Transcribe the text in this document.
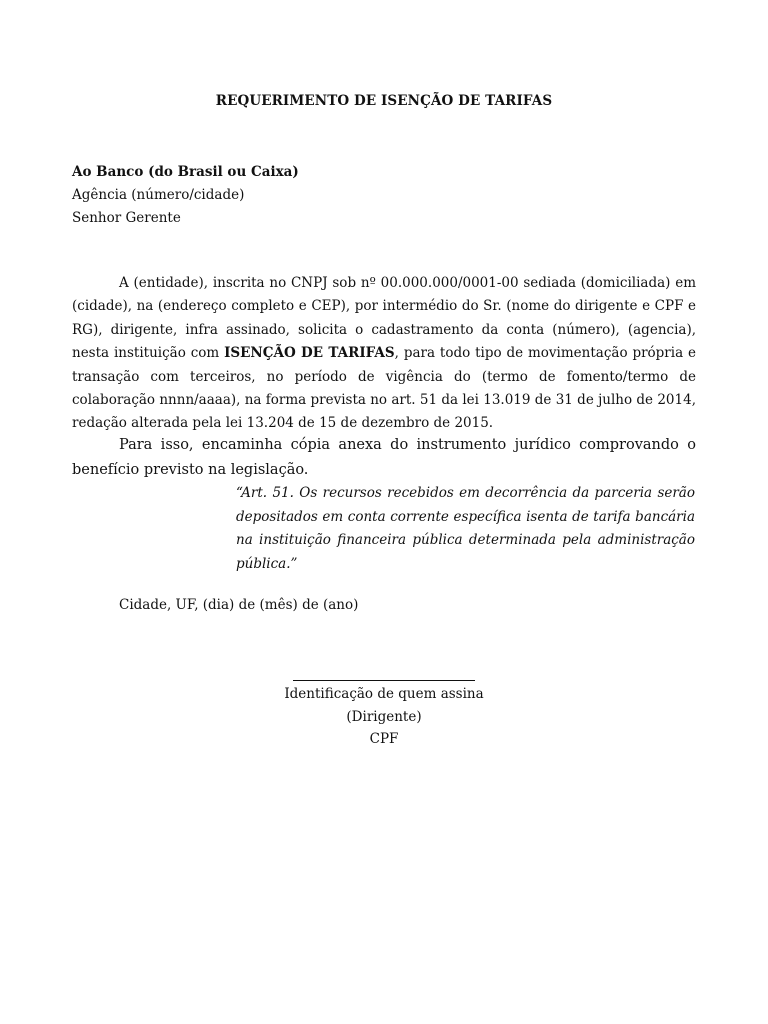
REQUERIMENTO DE ISENÇÃO DE TARIFAS
Ao Banco (do Brasil ou Caixa)
Agência (número/cidade)
Senhor Gerente

A (entidade), inscrita no CNPJ sob nº 00.000.000/0001-00 sediada (domiciliada) em (cidade), na (endereço completo e CEP), por intermédio do Sr. (nome do dirigente e CPF e RG), dirigente, infra assinado, solicita o cadastramento da conta (número), (agencia), nesta instituição com ISENÇÃO DE TARIFAS, para todo tipo de movimentação própria e transação com terceiros, no período de vigência do (termo de fomento/termo de colaboração nnnn/aaaa), na forma prevista no art. 51 da lei 13.019 de 31 de julho de 2014, redação alterada pela lei 13.204 de 15 de dezembro de 2015.

Para isso, encaminha cópia anexa do instrumento jurídico comprovando o benefício previsto na legislação.

“Art. 51. Os recursos recebidos em decorrência da parceria serão depositados em conta corrente específica isenta de tarifa bancária na instituição financeira pública determinada pela administração pública.”

Cidade, UF, (dia) de (mês) de (ano)
Identificação de quem assina
(Dirigente)
CPF
